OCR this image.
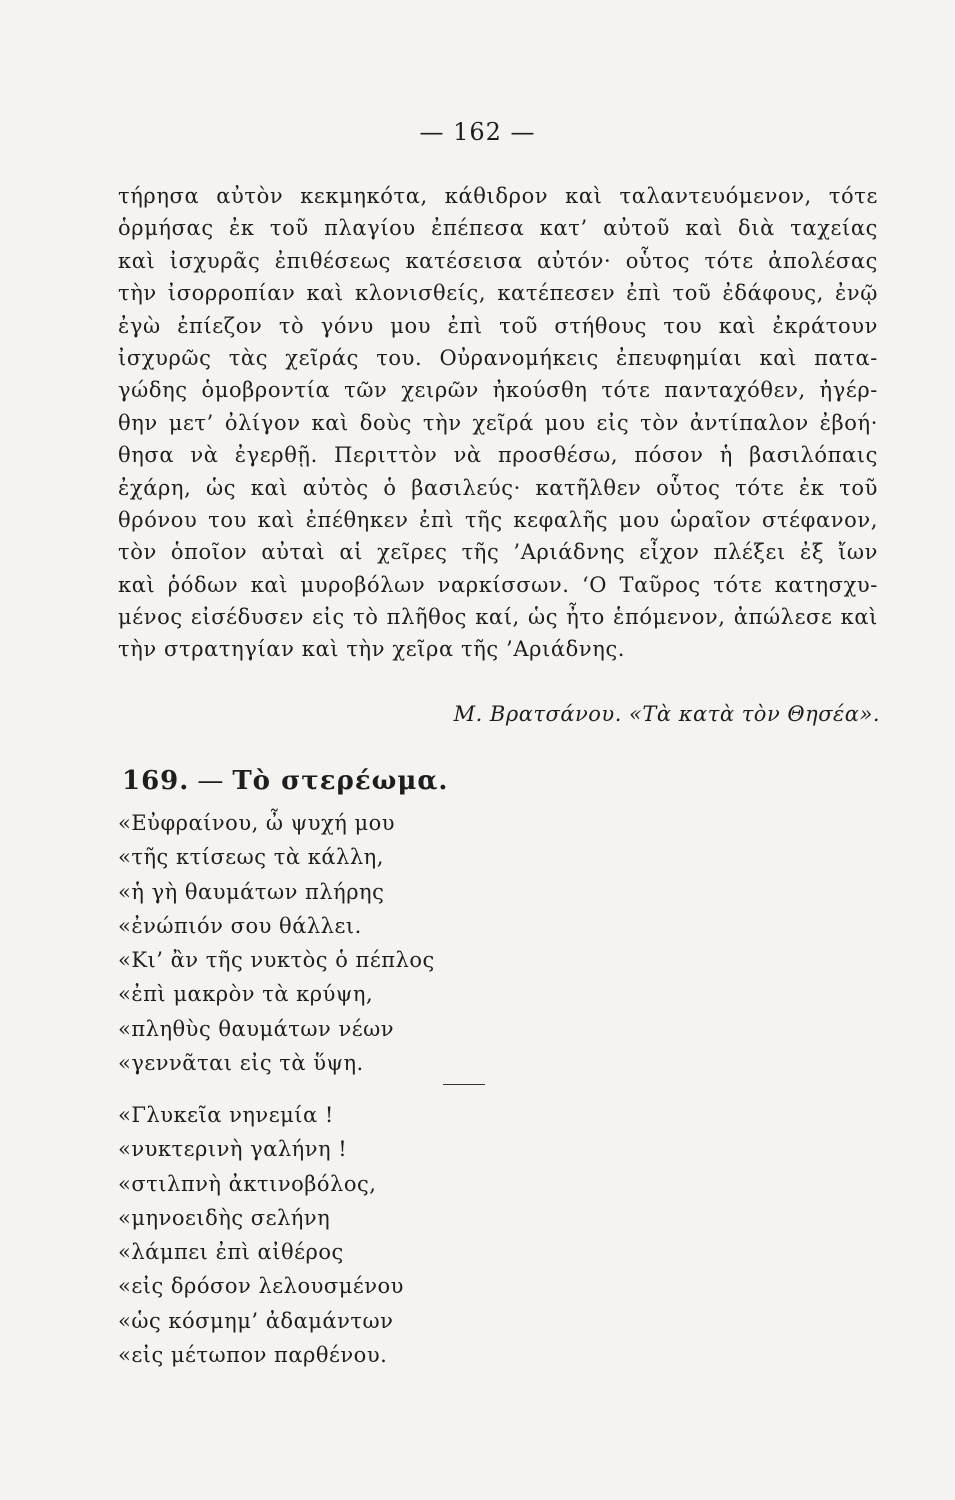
— 162 —
τήρησα αὐτὸν κεκμηκότα, κάθιδρον καὶ ταλαντευόμενον, τότε
ὁρμήσας ἐκ τοῦ πλαγίου ἐπέπεσα κατ’ αὐτοῦ καὶ διὰ ταχείας
καὶ ἰσχυρᾶς ἐπιθέσεως κατέσεισα αὐτόν· οὗτος τότε ἀπολέσας
τὴν ἰσορροπίαν καὶ κλονισθείς, κατέπεσεν ἐπὶ τοῦ ἐδάφους, ἐνῷ
ἐγὼ ἐπίεζον τὸ γόνυ μου ἐπὶ τοῦ στήθους του καὶ ἐκράτουν
ἰσχυρῶς τὰς χεῖράς του. Οὐρανομήκεις ἐπευφημίαι καὶ πατα-
γώδης ὁμοβροντία τῶν χειρῶν ἠκούσθη τότε πανταχόθεν, ἠγέρ-
θην μετ’ ὀλίγον καὶ δοὺς τὴν χεῖρά μου εἰς τὸν ἀντίπαλον ἐβοή·
θησα νὰ ἐγερθῇ. Περιττὸν νὰ προσθέσω, πόσον ἡ βασιλόπαις
ἐχάρη, ὡς καὶ αὐτὸς ὁ βασιλεύς· κατῆλθεν οὗτος τότε ἐκ τοῦ
θρόνου του καὶ ἐπέθηκεν ἐπὶ τῆς κεφαλῆς μου ὡραῖον στέφανον,
τὸν ὁποῖον αὐταὶ αἱ χεῖρες τῆς ’Αριάδνης εἶχον πλέξει ἐξ ἴων
καὶ ῥόδων καὶ μυροβόλων ναρκίσσων. ‘Ο Ταῦρος τότε κατησχυ-
μένος εἰσέδυσεν εἰς τὸ πλῆθος καί, ὡς ἦτο ἑπόμενον, ἀπώλεσε καὶ
τὴν στρατηγίαν καὶ τὴν χεῖρα τῆς ’Αριάδνης.
Μ. Βρατσάνου. «Τὰ κατὰ τὸν Θησέα».
169. — Τὸ στερέωμα.
«Εὐφραίνου, ὦ ψυχή μου
«τῆς κτίσεως τὰ κάλλη,
«ἡ γὴ θαυμάτων πλήρης
«ἐνώπιόν σου θάλλει.
«Κι’ ἂν τῆς νυκτὸς ὁ πέπλος
«ἐπὶ μακρὸν τὰ κρύψη,
«πληθὺς θαυμάτων νέων
«γεννᾶται εἰς τὰ ὕψη.
«Γλυκεῖα νηνεμία !
«νυκτερινὴ γαλήνη !
«στιλπνὴ ἀκτινοβόλος,
«μηνοειδὴς σελήνη
«λάμπει ἐπὶ αἰθέρος
«εἰς δρόσον λελουσμένου
«ὡς κόσμημ’ ἀδαμάντων
«εἰς μέτωπον παρθένου.
